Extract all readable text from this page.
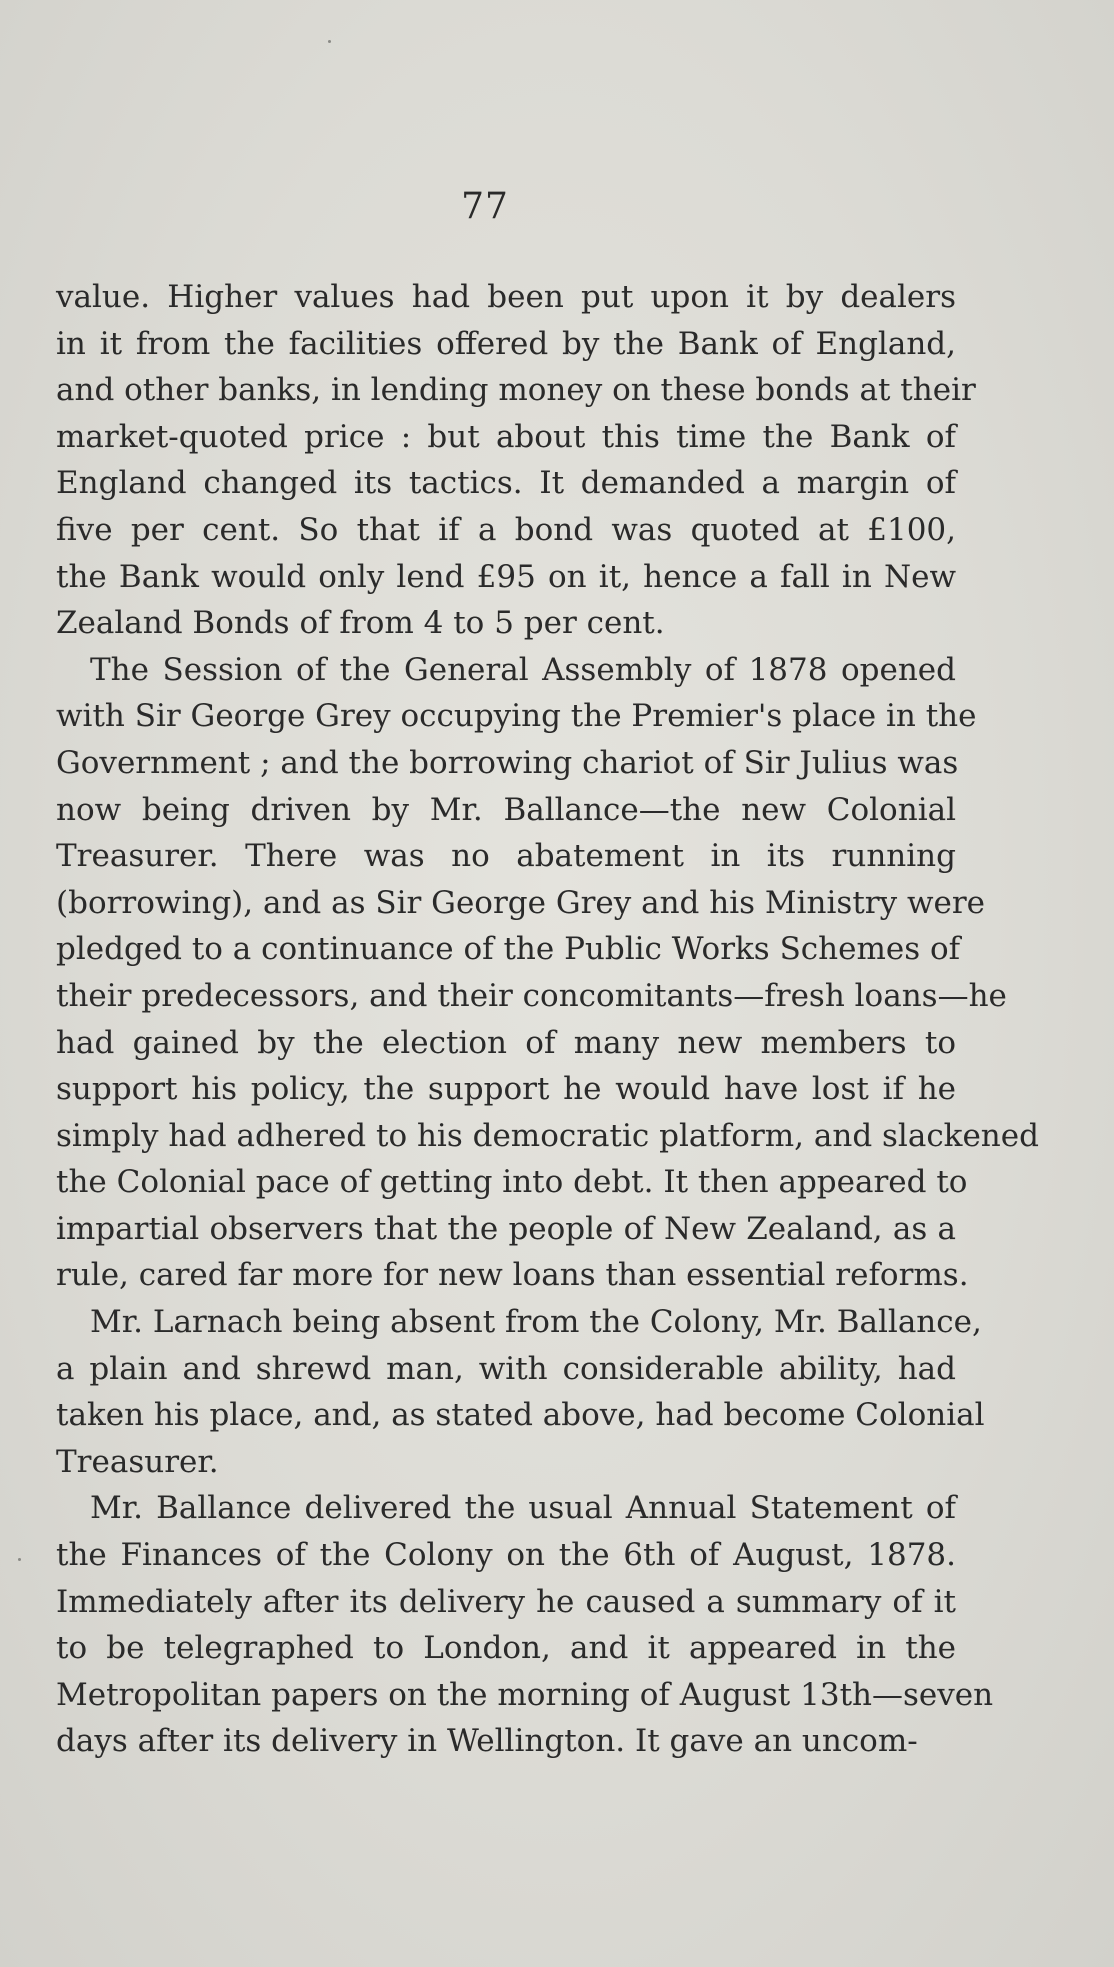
77
value. Higher values had been put upon it by dealers
in it from the facilities offered by the Bank of England,
and other banks, in lending money on these bonds at their
market-quoted price : but about this time the Bank of
England changed its tactics. It demanded a margin of
five per cent. So that if a bond was quoted at £100,
the Bank would only lend £95 on it, hence a fall in New
Zealand Bonds of from 4 to 5 per cent.
The Session of the General Assembly of 1878 opened
with Sir George Grey occupying the Premier's place in the
Government ; and the borrowing chariot of Sir Julius was
now being driven by Mr. Ballance—the new Colonial
Treasurer. There was no abatement in its running
(borrowing), and as Sir George Grey and his Ministry were
pledged to a continuance of the Public Works Schemes of
their predecessors, and their concomitants—fresh loans—he
had gained by the election of many new members to
support his policy, the support he would have lost if he
simply had adhered to his democratic platform, and slackened
the Colonial pace of getting into debt. It then appeared to
impartial observers that the people of New Zealand, as a
rule, cared far more for new loans than essential reforms.
Mr. Larnach being absent from the Colony, Mr. Ballance,
a plain and shrewd man, with considerable ability, had
taken his place, and, as stated above, had become Colonial
Treasurer.
Mr. Ballance delivered the usual Annual Statement of
the Finances of the Colony on the 6th of August, 1878.
Immediately after its delivery he caused a summary of it
to be telegraphed to London, and it appeared in the
Metropolitan papers on the morning of August 13th—seven
days after its delivery in Wellington. It gave an uncom-
